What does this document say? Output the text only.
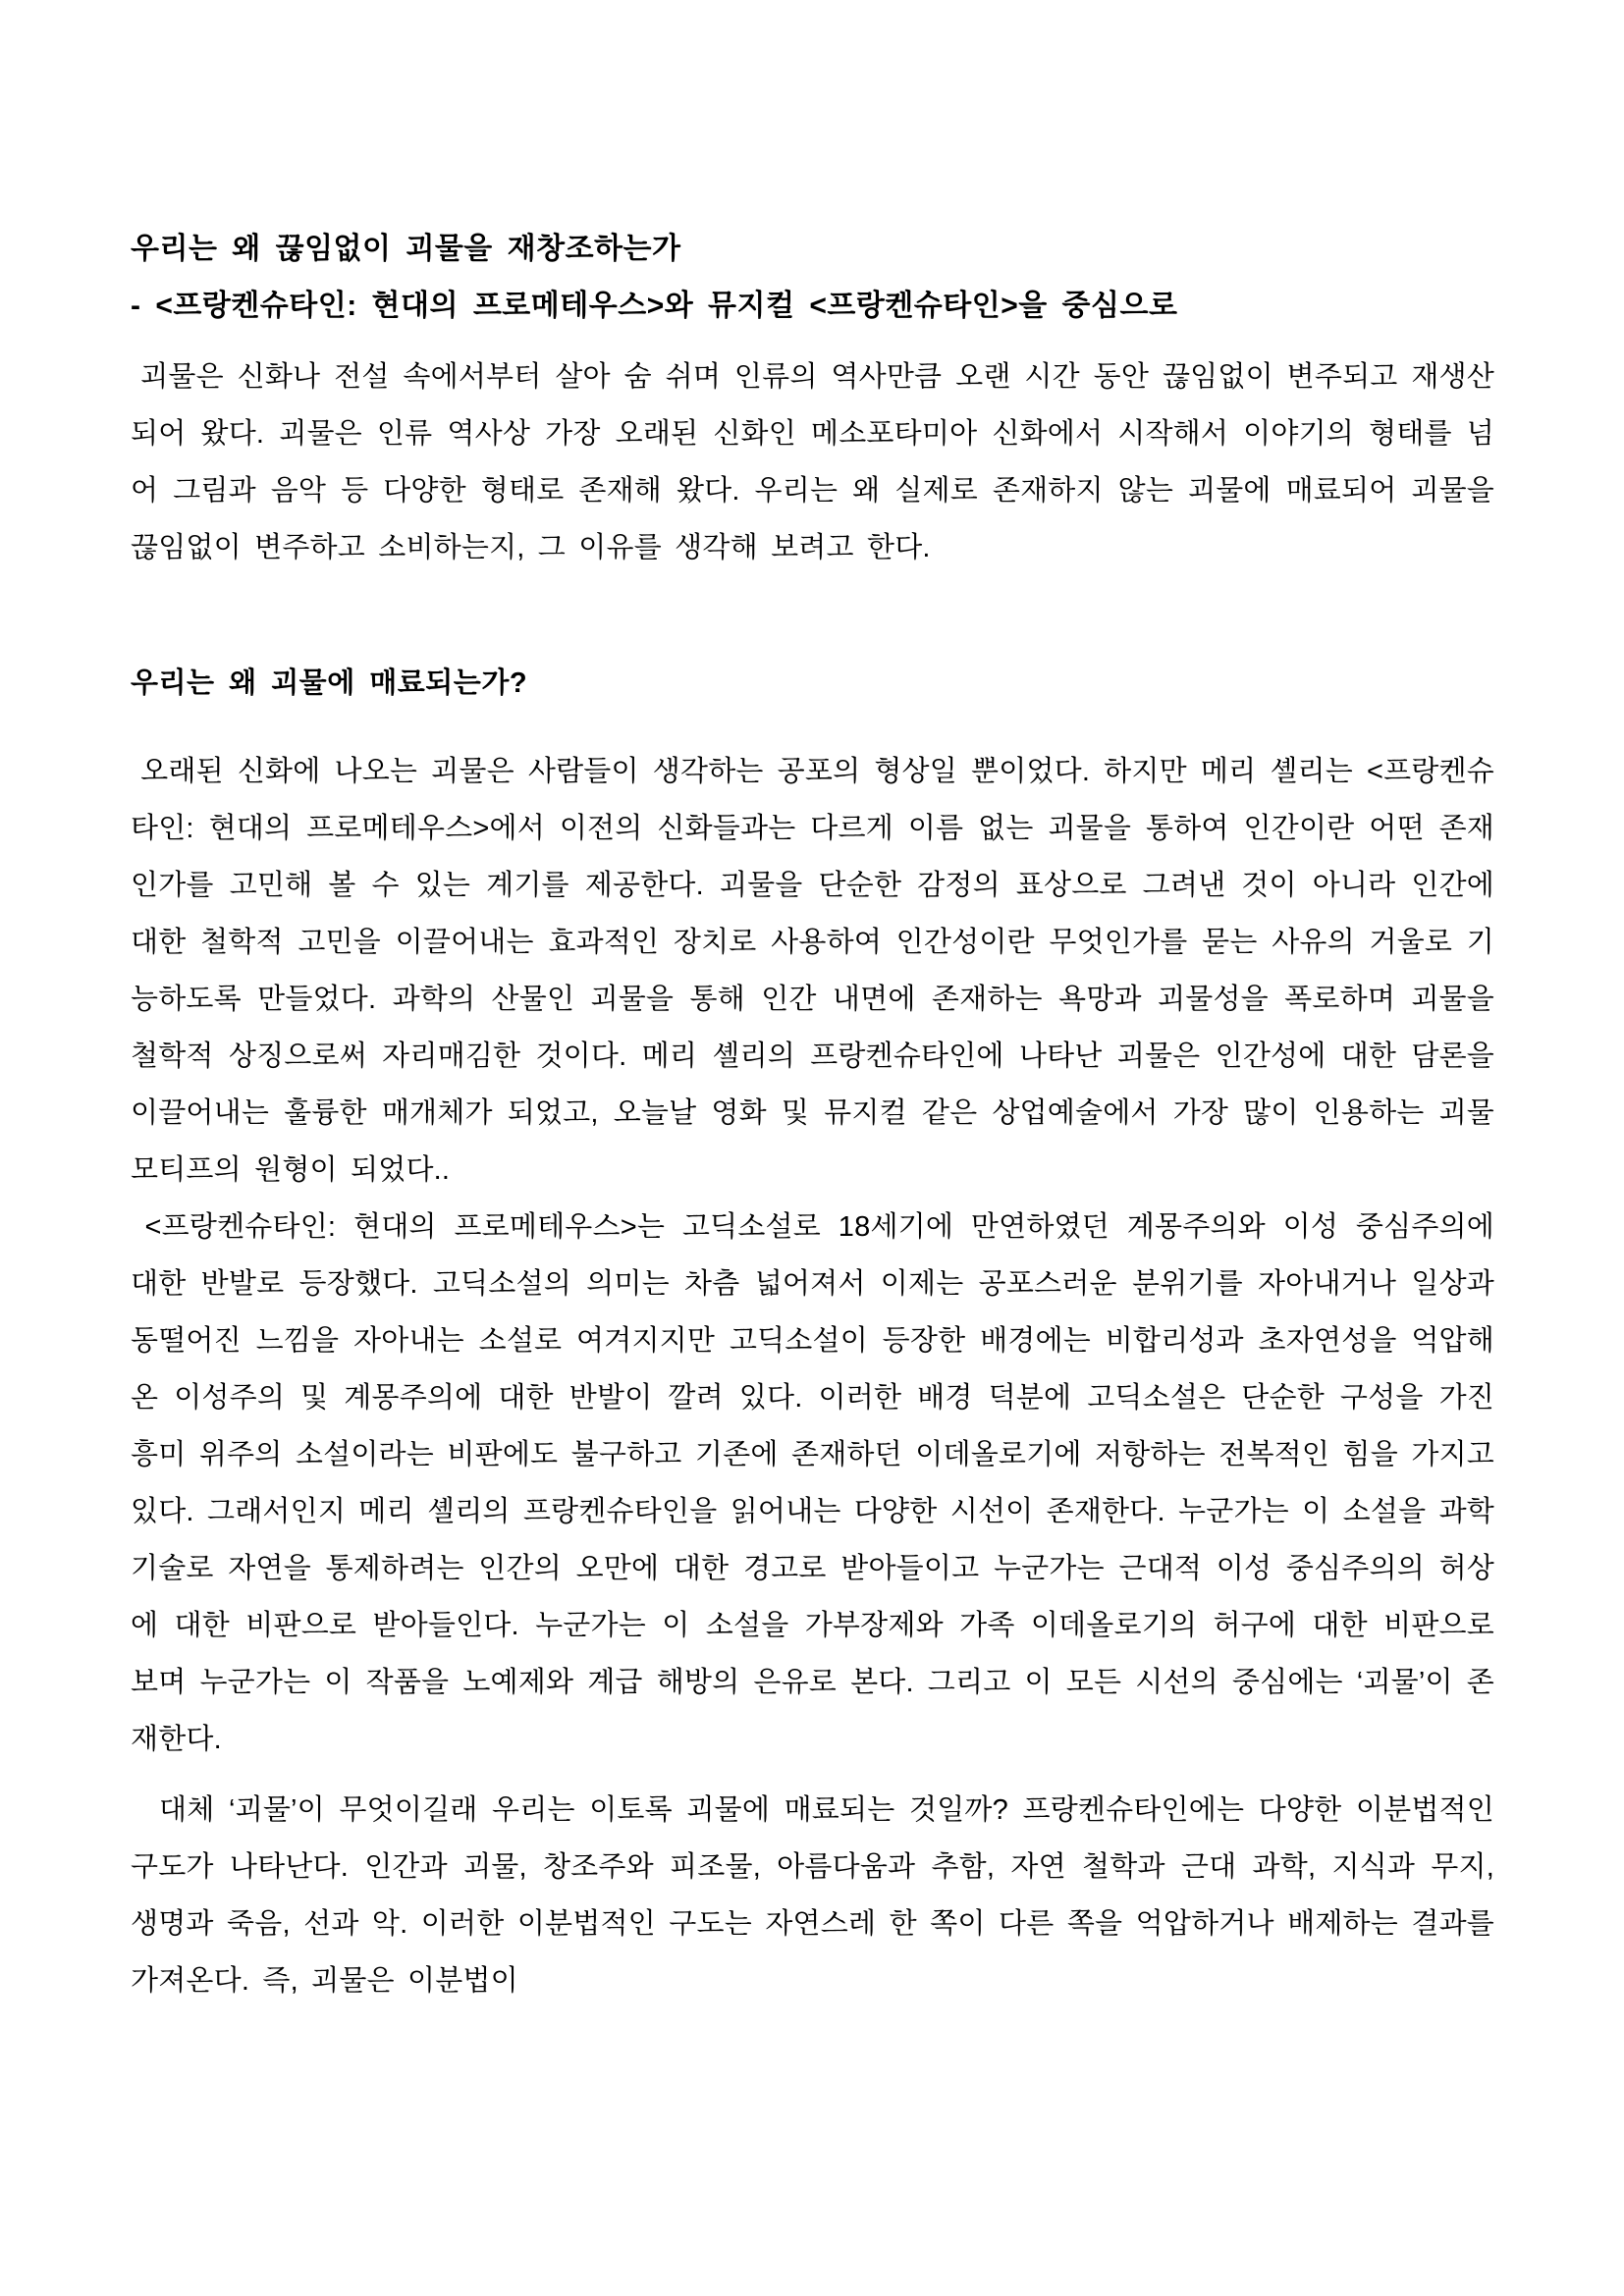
우리는 왜 끊임없이 괴물을 재창조하는가
- <프랑켄슈타인: 현대의 프로메테우스>와 뮤지컬 <프랑켄슈타인>을 중심으로

괴물은 신화나 전설 속에서부터 살아 숨 쉬며 인류의 역사만큼 오랜 시간 동안 끊임없이 변주되고 재생산되어 왔다. 괴물은 인류 역사상 가장 오래된 신화인 메소포타미아 신화에서 시작해서 이야기의 형태를 넘어 그림과 음악 등 다양한 형태로 존재해 왔다. 우리는 왜 실제로 존재하지 않는 괴물에 매료되어 괴물을 끊임없이 변주하고 소비하는지, 그 이유를 생각해 보려고 한다.

우리는 왜 괴물에 매료되는가?

오래된 신화에 나오는 괴물은 사람들이 생각하는 공포의 형상일 뿐이었다. 하지만 메리 셸리는 <프랑켄슈타인: 현대의 프로메테우스>에서 이전의 신화들과는 다르게 이름 없는 괴물을 통하여 인간이란 어떤 존재인가를 고민해 볼 수 있는 계기를 제공한다. 괴물을 단순한 감정의 표상으로 그려낸 것이 아니라 인간에 대한 철학적 고민을 이끌어내는 효과적인 장치로 사용하여 인간성이란 무엇인가를 묻는 사유의 거울로 기능하도록 만들었다. 과학의 산물인 괴물을 통해 인간 내면에 존재하는 욕망과 괴물성을 폭로하며 괴물을 철학적 상징으로써 자리매김한 것이다. 메리 셸리의 프랑켄슈타인에 나타난 괴물은 인간성에 대한 담론을 이끌어내는 훌륭한 매개체가 되었고, 오늘날 영화 및 뮤지컬 같은 상업예술에서 가장 많이 인용하는 괴물 모티프의 원형이 되었다..

<프랑켄슈타인: 현대의 프로메테우스>는 고딕소설로 18세기에 만연하였던 계몽주의와 이성 중심주의에 대한 반발로 등장했다. 고딕소설의 의미는 차츰 넓어져서 이제는 공포스러운 분위기를 자아내거나 일상과 동떨어진 느낌을 자아내는 소설로 여겨지지만 고딕소설이 등장한 배경에는 비합리성과 초자연성을 억압해 온 이성주의 및 계몽주의에 대한 반발이 깔려 있다. 이러한 배경 덕분에 고딕소설은 단순한 구성을 가진 흥미 위주의 소설이라는 비판에도 불구하고 기존에 존재하던 이데올로기에 저항하는 전복적인 힘을 가지고 있다. 그래서인지 메리 셸리의 프랑켄슈타인을 읽어내는 다양한 시선이 존재한다. 누군가는 이 소설을 과학기술로 자연을 통제하려는 인간의 오만에 대한 경고로 받아들이고 누군가는 근대적 이성 중심주의의 허상에 대한 비판으로 받아들인다. 누군가는 이 소설을 가부장제와 가족 이데올로기의 허구에 대한 비판으로 보며 누군가는 이 작품을 노예제와 계급 해방의 은유로 본다. 그리고 이 모든 시선의 중심에는 ‘괴물’이 존재한다.

대체 ‘괴물’이 무엇이길래 우리는 이토록 괴물에 매료되는 것일까? 프랑켄슈타인에는 다양한 이분법적인 구도가 나타난다. 인간과 괴물, 창조주와 피조물, 아름다움과 추함, 자연 철학과 근대 과학, 지식과 무지, 생명과 죽음, 선과 악. 이러한 이분법적인 구도는 자연스레 한 쪽이 다른 쪽을 억압하거나 배제하는 결과를 가져온다. 즉, 괴물은 이분법이
